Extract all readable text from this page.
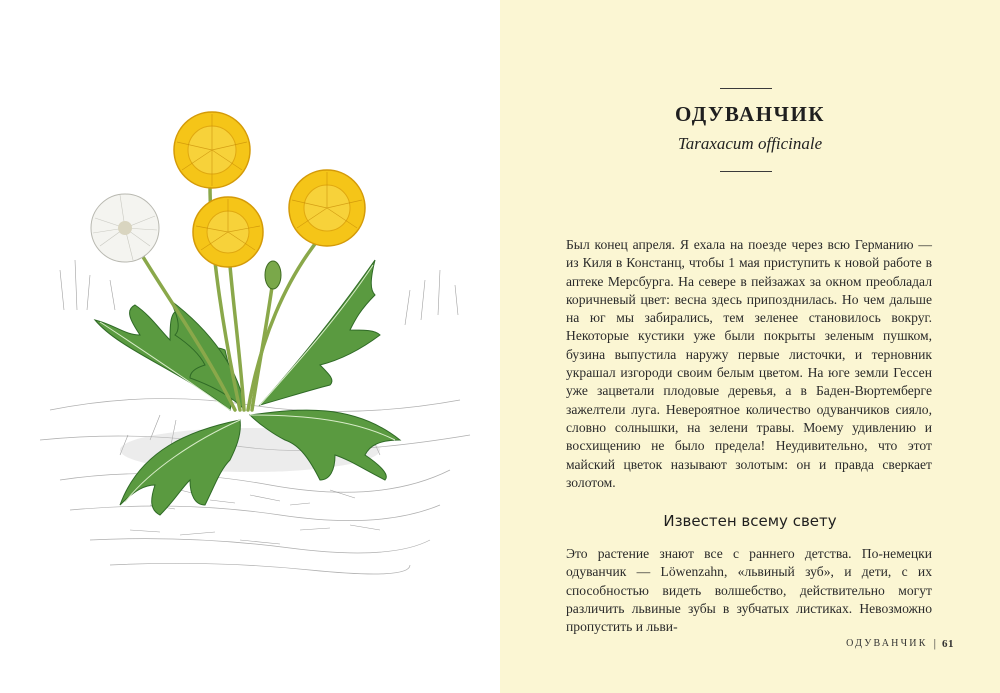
ОДУВАНЧИК
Taraxacum officinale
Был конец апреля. Я ехала на поезде через всю Германию — из Киля в Констанц, чтобы 1 мая приступить к новой работе в аптеке Мерсбурга. На севере в пейзажах за окном преобладал коричневый цвет: весна здесь припозднилась. Но чем дальше на юг мы забирались, тем зеленее становилось вокруг. Некоторые кустики уже были покрыты зеленым пушком, бузина выпустила наружу первые листочки, и терновник украшал изгороди своим белым цветом. На юге земли Гессен уже зацветали плодовые деревья, а в Баден-Вюртемберге зажелтели луга. Невероятное количество одуванчиков сияло, словно солнышки, на зелени травы. Моему удивлению и восхищению не было предела! Неудивительно, что этот майский цветок называют золотым: он и правда сверкает золотом.
Известен всему свету
Это растение знают все с раннего детства. По-немецки одуванчик — Löwenzahn, «львиный зуб», и дети, с их способностью видеть волшебство, действительно могут различить львиные зубы в зубчатых листиках. Невозможно пропустить и льви-
ОДУВАНЧИК | 61
